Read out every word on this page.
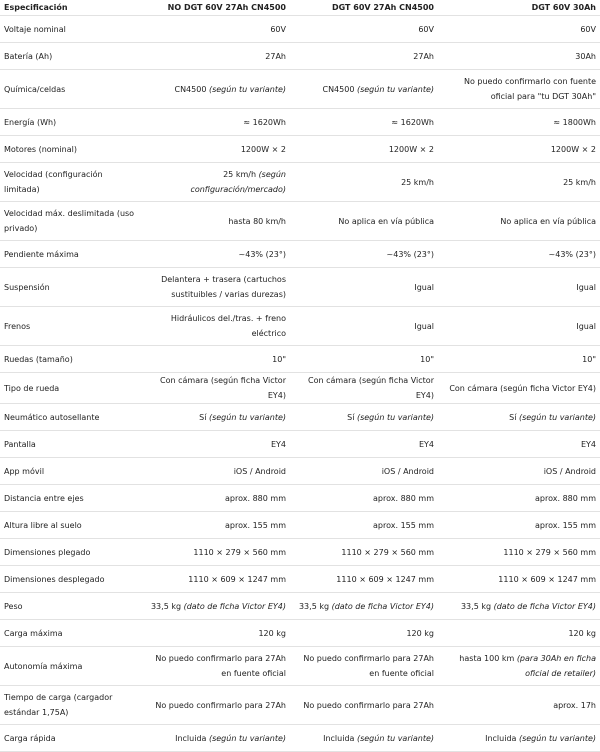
Especificación	NO DGT 60V 27Ah CN4500	DGT 60V 27Ah CN4500	DGT 60V 30Ah
Voltaje nominal	60V	60V	60V
Batería (Ah)	27Ah	27Ah	30Ah
Química/celdas	CN4500 (según tu variante)	CN4500 (según tu variante)	No puedo confirmarlo con fuente oficial para "tu DGT 30Ah"
Energía (Wh)	≈ 1620Wh	≈ 1620Wh	≈ 1800Wh
Motores (nominal)	1200W × 2	1200W × 2	1200W × 2
Velocidad (configuración limitada)	25 km/h (según configuración/mercado)	25 km/h	25 km/h
Velocidad máx. deslimitada (uso privado)	hasta 80 km/h	No aplica en vía pública	No aplica en vía pública
Pendiente máxima	~43% (23°)	~43% (23°)	~43% (23°)
Suspensión	Delantera + trasera (cartuchos sustituibles / varias durezas)	Igual	Igual
Frenos	Hidráulicos del./tras. + freno eléctrico	Igual	Igual
Ruedas (tamaño)	10"	10"	10"
Tipo de rueda	Con cámara (según ficha Victor EY4)	Con cámara (según ficha Victor EY4)	Con cámara (según ficha Victor EY4)
Neumático autosellante	Sí (según tu variante)	Sí (según tu variante)	Sí (según tu variante)
Pantalla	EY4	EY4	EY4
App móvil	iOS / Android	iOS / Android	iOS / Android
Distancia entre ejes	aprox. 880 mm	aprox. 880 mm	aprox. 880 mm
Altura libre al suelo	aprox. 155 mm	aprox. 155 mm	aprox. 155 mm
Dimensiones plegado	1110 × 279 × 560 mm	1110 × 279 × 560 mm	1110 × 279 × 560 mm
Dimensiones desplegado	1110 × 609 × 1247 mm	1110 × 609 × 1247 mm	1110 × 609 × 1247 mm
Peso	33,5 kg (dato de ficha Victor EY4)	33,5 kg (dato de ficha Victor EY4)	33,5 kg (dato de ficha Victor EY4)
Carga máxima	120 kg	120 kg	120 kg
Autonomía máxima	No puedo confirmarlo para 27Ah en fuente oficial	No puedo confirmarlo para 27Ah en fuente oficial	hasta 100 km (para 30Ah en ficha oficial de retailer)
Tiempo de carga (cargador estándar 1,75A)	No puedo confirmarlo para 27Ah	No puedo confirmarlo para 27Ah	aprox. 17h
Carga rápida	Incluida (según tu variante)	Incluida (según tu variante)	Incluida (según tu variante)
